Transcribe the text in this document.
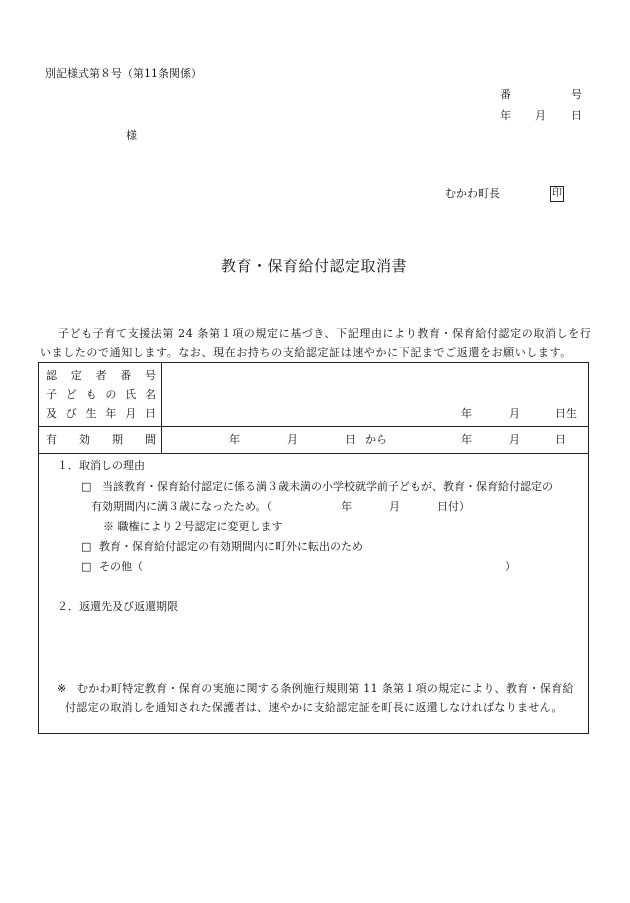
別記様式第８号（第11条関係）
番	号
年 月 日
様
むかわ町長	印
教育・保育給付認定取消書
子ども子育て支援法第 24 条第１項の規定に基づき、下記理由により教育・保育給付認定の取消しを行
いましたので通知します。なお、現在お持ちの支給認定証は速やかに下記までご返還をお願いします。
認 定 者 番 号
子 ど も の 氏 名
及 び 生 年 月 日	年	月	日生
有 効 期 間	年	月	日 から	年	月	日
１．取消しの理由
□ 当該教育・保育給付認定に係る満３歳未満の小学校就学前子どもが、教育・保育給付認定の
有効期間内に満３歳になったため。（	年	月	日付）
※ 職権により２号認定に変更します
□ 教育・保育給付認定の有効期間内に町外に転出のため
□ その他（	）
２．返還先及び返還期限
※ むかわ町特定教育・保育の実施に関する条例施行規則第 11 条第１項の規定により、教育・保育給
付認定の取消しを通知された保護者は、速やかに支給認定証を町長に返還しなければなりません。
